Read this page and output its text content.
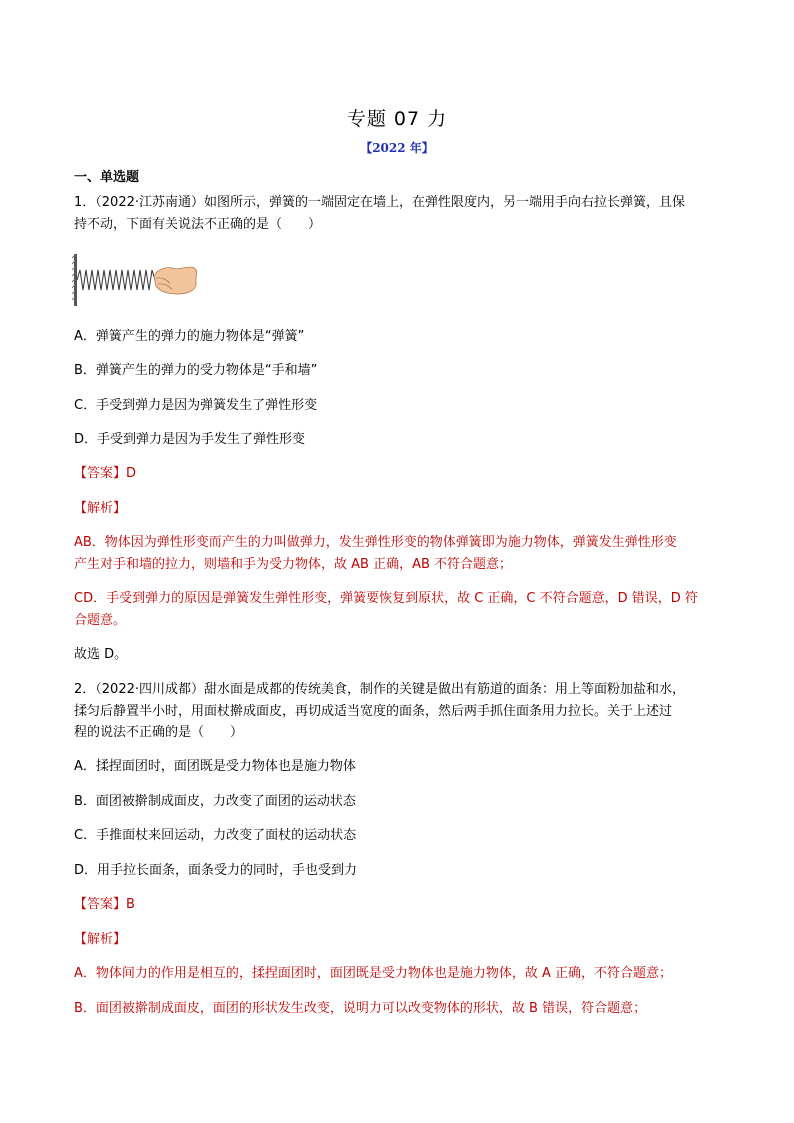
专题 07 力
【2022 年】
一、单选题
1．（2022·江苏南通）如图所示，弹簧的一端固定在墙上，在弹性限度内，另一端用手向右拉长弹簧，且保
持不动，下面有关说法不正确的是（　　）
A．弹簧产生的弹力的施力物体是“弹簧”
B．弹簧产生的弹力的受力物体是“手和墙”
C．手受到弹力是因为弹簧发生了弹性形变
D．手受到弹力是因为手发生了弹性形变
【答案】D
【解析】
AB．物体因为弹性形变而产生的力叫做弹力，发生弹性形变的物体弹簧即为施力物体，弹簧发生弹性形变
产生对手和墙的拉力，则墙和手为受力物体，故 AB 正确，AB 不符合题意；
CD．手受到弹力的原因是弹簧发生弹性形变，弹簧要恢复到原状，故 C 正确，C 不符合题意，D 错误，D 符
合题意。
故选 D。
2．（2022·四川成都）甜水面是成都的传统美食，制作的关键是做出有筋道的面条：用上等面粉加盐和水，
揉匀后静置半小时，用面杖擀成面皮，再切成适当宽度的面条，然后两手抓住面条用力拉长。关于上述过
程的说法不正确的是（　　）
A．揉捏面团时，面团既是受力物体也是施力物体
B．面团被擀制成面皮，力改变了面团的运动状态
C．手推面杖来回运动，力改变了面杖的运动状态
D．用手拉长面条，面条受力的同时，手也受到力
【答案】B
【解析】
A．物体间力的作用是相互的，揉捏面团时，面团既是受力物体也是施力物体，故 A 正确，不符合题意；
B．面团被擀制成面皮，面团的形状发生改变，说明力可以改变物体的形状，故 B 错误，符合题意；
